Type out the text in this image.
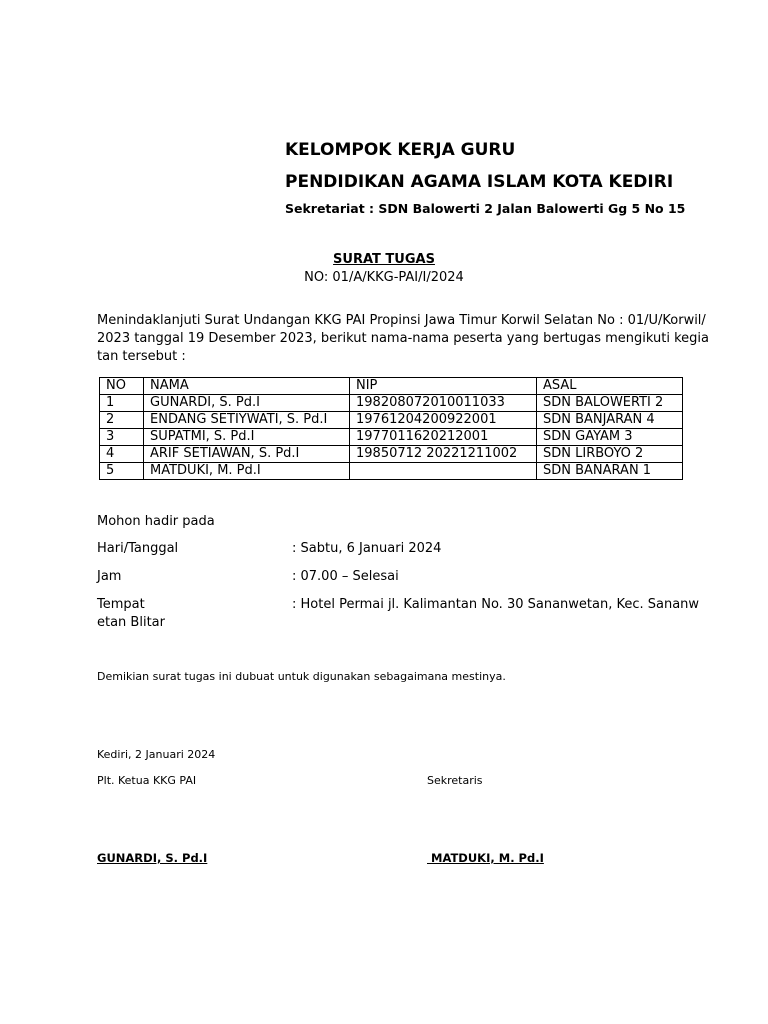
KELOMPOK KERJA GURU
PENDIDIKAN AGAMA ISLAM KOTA KEDIRI
Sekretariat : SDN Balowerti 2 Jalan Balowerti Gg 5 No 15
SURAT TUGAS
NO: 01/A/KKG-PAI/I/2024
Menindaklanjuti Surat Undangan KKG PAI Propinsi Jawa Timur Korwil Selatan No : 01/U/Korwil/2023 tanggal 19 Desember 2023, berikut nama-nama peserta yang bertugas mengikuti kegiatan tersebut :
NO	NAMA	NIP	ASAL
1	GUNARDI, S. Pd.I	198208072010011033	SDN BALOWERTI 2
2	ENDANG SETIYWATI, S. Pd.I	19761204200922001	SDN BANJARAN 4
3	SUPATMI, S. Pd.I	1977011620212001	SDN GAYAM 3
4	ARIF SETIAWAN, S. Pd.I	19850712 20221211002	SDN LIRBOYO 2
5	MATDUKI, M. Pd.I		SDN BANARAN 1
Mohon hadir pada
Hari/Tanggal	: Sabtu, 6 Januari 2024
Jam	: 07.00 – Selesai
Tempat	: Hotel Permai jl. Kalimantan No. 30 Sananwetan, Kec. Sananw
etan Blitar
Demikian surat tugas ini dubuat untuk digunakan sebagaimana mestinya.
Kediri, 2 Januari 2024
Plt. Ketua KKG PAI	Sekretaris
GUNARDI, S. Pd.I	MATDUKI, M. Pd.I
